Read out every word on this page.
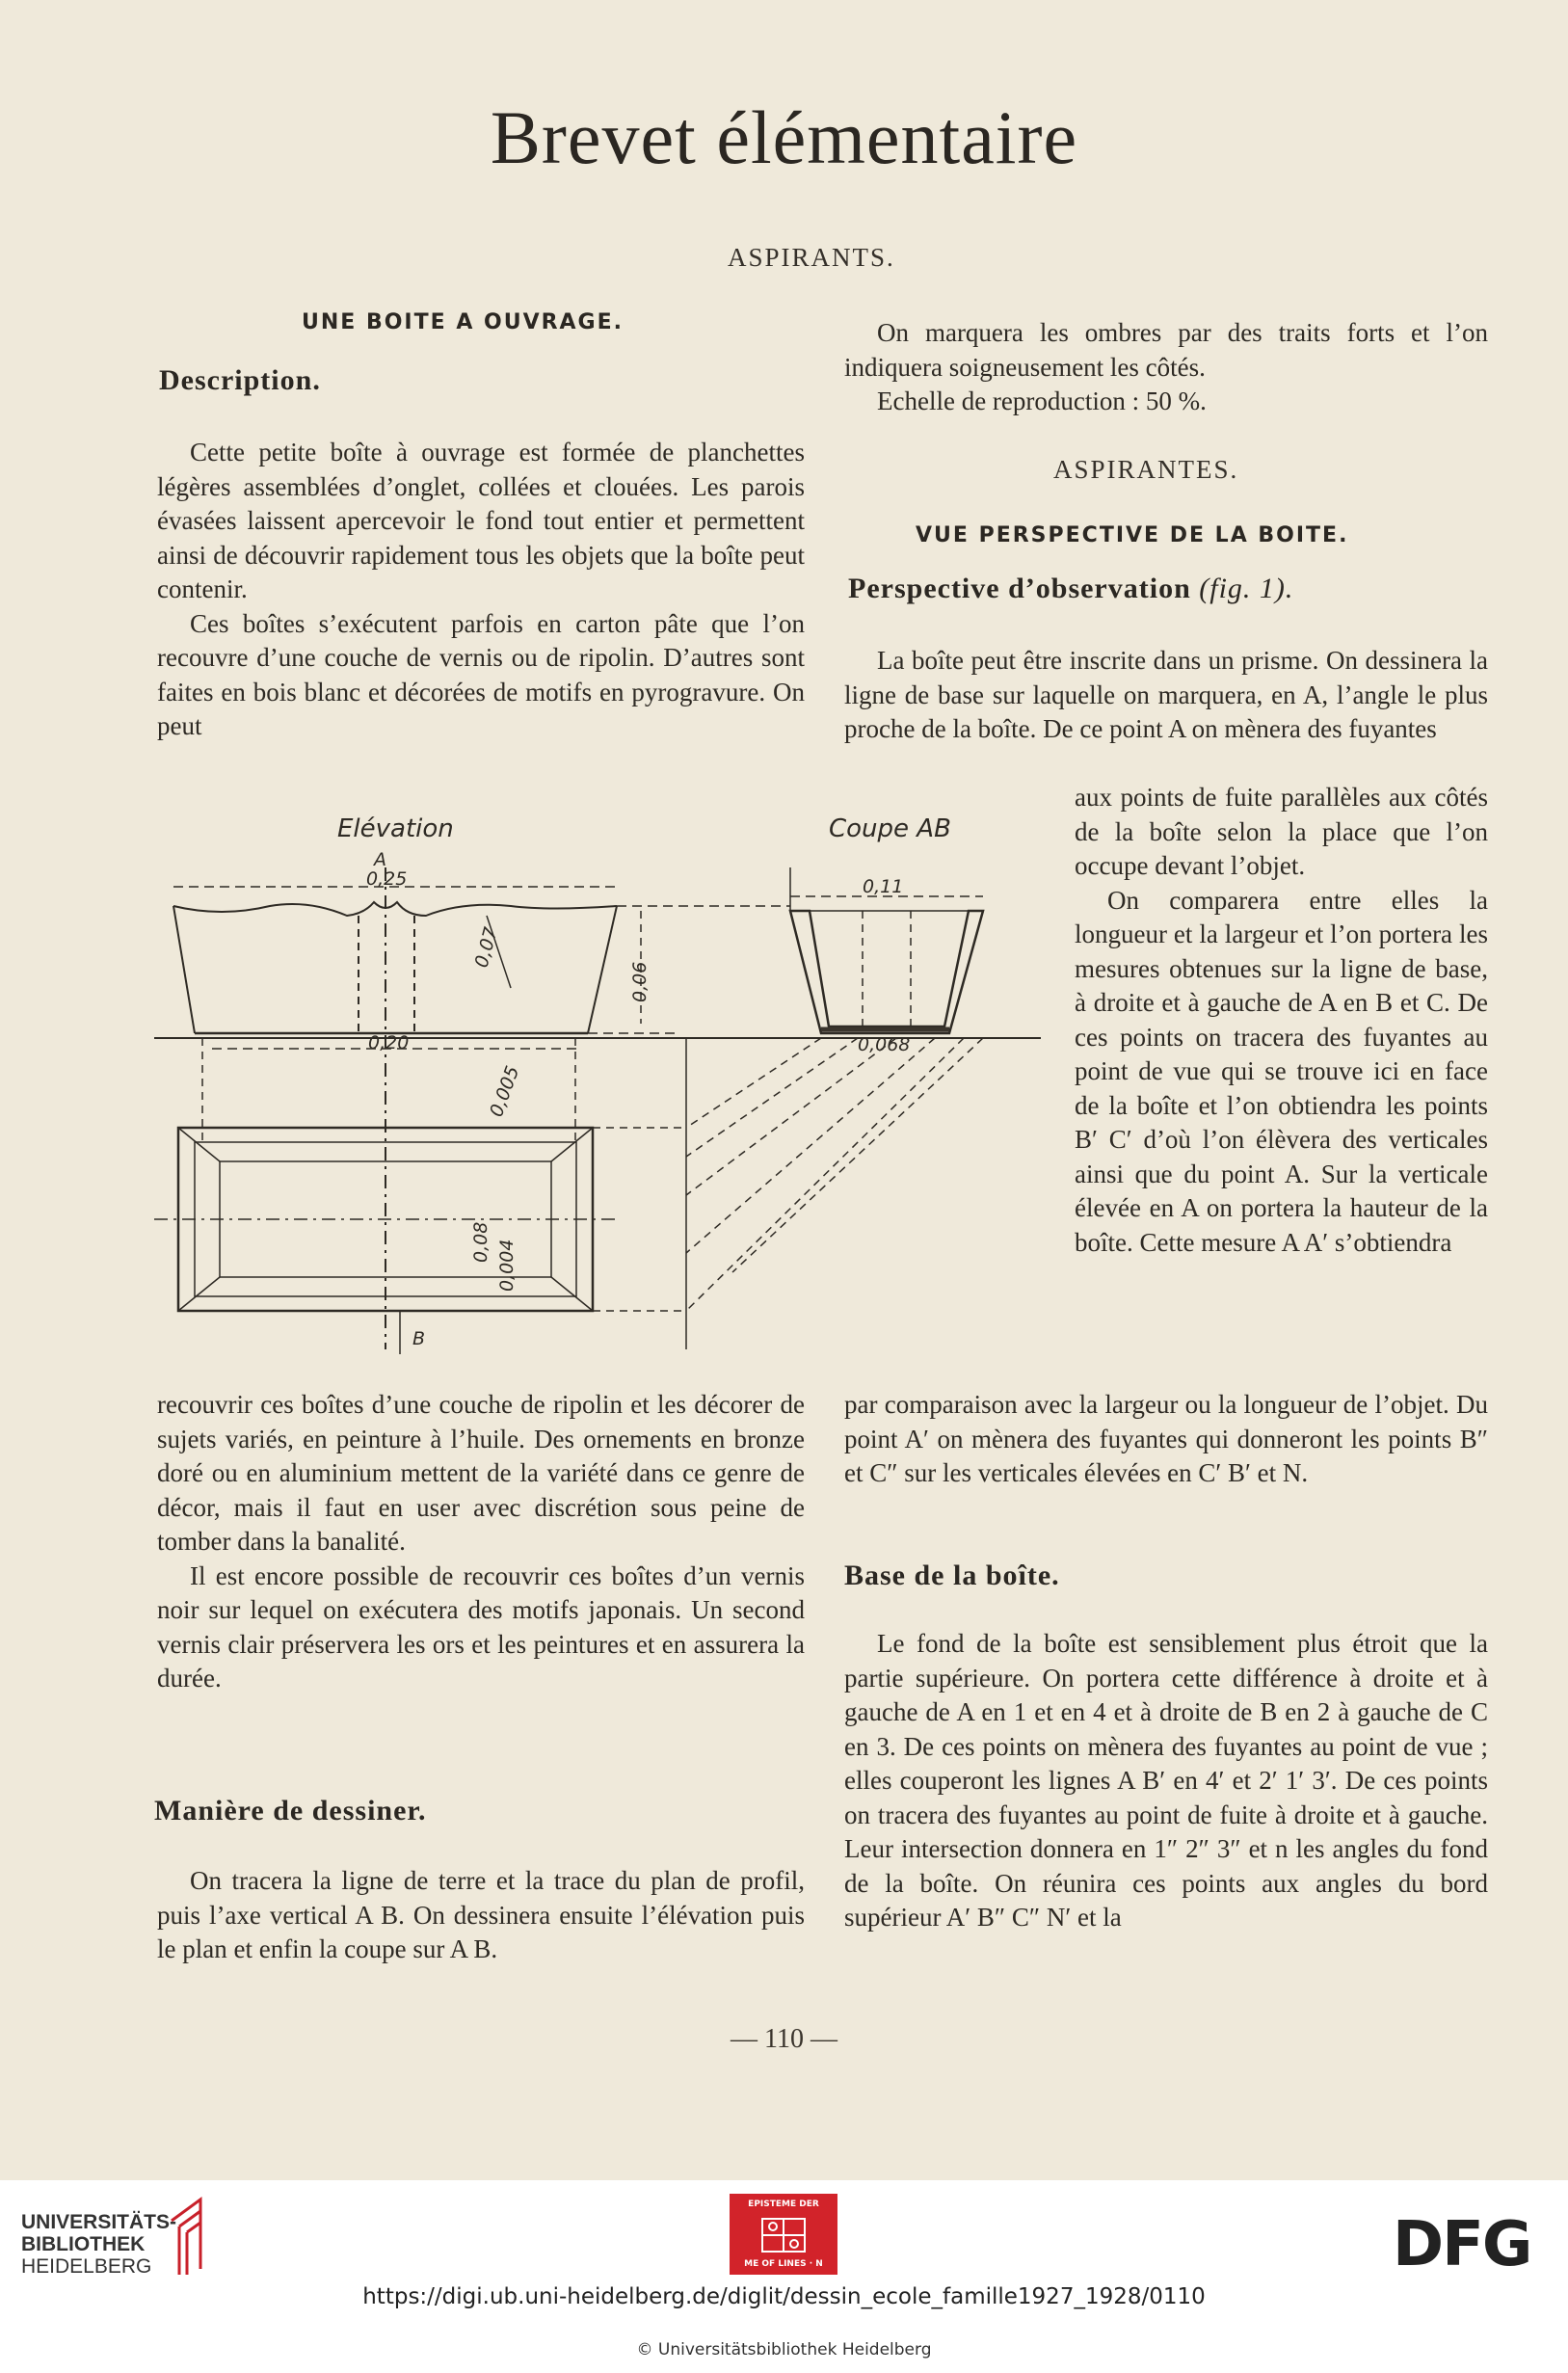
Brevet élémentaire
ASPIRANTS.
UNE BOITE A OUVRAGE.
Description.

Cette petite boîte à ouvrage est formée de planchettes légères assemblées d’onglet, collées et clouées. Les parois évasées laissent apercevoir le fond tout entier et permettent ainsi de découvrir rapidement tous les objets que la boîte peut contenir.

Ces boîtes s’exécutent parfois en carton pâte que l’on recouvre d’une couche de vernis ou de ripolin. D’autres sont faites en bois blanc et décorées de motifs en pyrogravure. On peut

On marquera les ombres par des traits forts et l’on indiquera soigneusement les côtés.

Echelle de reproduction : 50 %.

ASPIRANTES.
VUE PERSPECTIVE DE LA BOITE.
Perspective d’observation (fig. 1).

La boîte peut être inscrite dans un prisme. On dessinera la ligne de base sur laquelle on marquera, en A, l’angle le plus proche de la boîte. De ce point A on mènera des fuyantes

aux points de fuite parallèles aux côtés de la boîte selon la place que l’on occupe devant l’objet.

On comparera entre elles la longueur et la largeur et l’on portera les mesures obtenues sur la ligne de base, à droite et à gauche de A en B et C. De ces points on tracera des fuyantes au point de vue qui se trouve ici en face de la boîte et l’on obtiendra les points B′ C′ d’où l’on élèvera des verticales ainsi que du point A. Sur la verticale élevée en A on portera la hauteur de la boîte. Cette mesure A A′ s’obtiendra

Elévation	Coupe AB
A
B
0,25	0,11
0,20
0,07
0,06
0,005
0,08 0,004
0,068

par comparaison avec la largeur ou la longueur de l’objet. Du point A′ on mènera des fuyantes qui donneront les points B″ et C″ sur les verticales élevées en C′ B′ et N.

Base de la boîte.

Le fond de la boîte est sensiblement plus étroit que la partie supérieure. On portera cette différence à droite et à gauche de A en 1 et en 4 et à droite de B en 2 à gauche de C en 3. De ces points on mènera des fuyantes au point de vue ; elles couperont les lignes A B′ en 4′ et 2′ 1′ 3′. De ces points on tracera des fuyantes au point de fuite à droite et à gauche. Leur intersection donnera en 1″ 2″ 3″ et n les angles du fond de la boîte. On réunira ces points aux angles du bord supérieur A′ B″ C″ N′ et la

recouvrir ces boîtes d’une couche de ripolin et les décorer de sujets variés, en peinture à l’huile. Des ornements en bronze doré ou en aluminium mettent de la variété dans ce genre de décor, mais il faut en user avec discrétion sous peine de tomber dans la banalité.

Il est encore possible de recouvrir ces boîtes d’un vernis noir sur lequel on exécutera des motifs japonais. Un second vernis clair préservera les ors et les peintures et en assurera la durée.

Manière de dessiner.

On tracera la ligne de terre et la trace du plan de profil, puis l’axe vertical A B. On dessinera ensuite l’élévation puis le plan et enfin la coupe sur A B.

— 110 —
UNIVERSITÄTS-
BIBLIOTHEK
HEIDELBERG
EPISTEME DER
ME OF LINES · N	DFG
https://digi.ub.uni-heidelberg.de/diglit/dessin_ecole_famille1927_1928/0110
© Universitätsbibliothek Heidelberg
